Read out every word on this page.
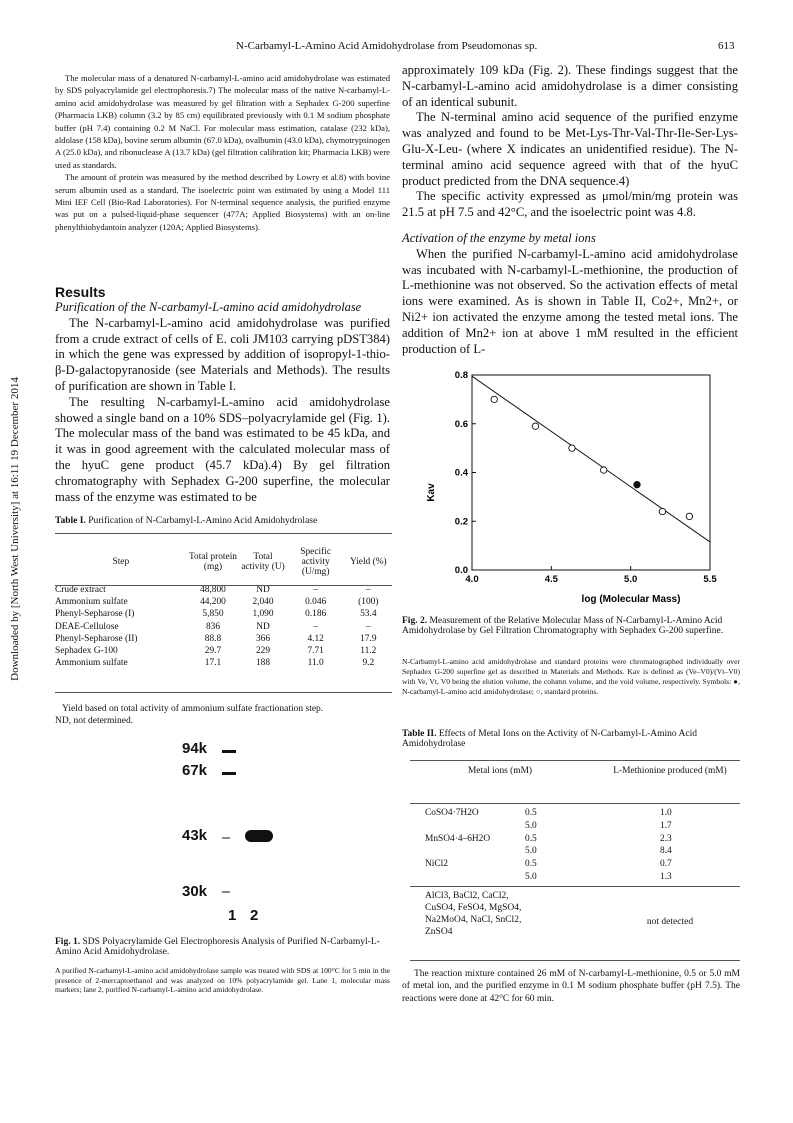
N-Carbamyl-L-Amino Acid Amidohydrolase from Pseudomonas sp.	613
Downloaded by [North West University] at 16:11 19 December 2014

The molecular mass of a denatured N-carbamyl-L-amino acid amidohydrolase was estimated by SDS polyacrylamide gel electrophoresis.7) The molecular mass of the native N-carbamyl-L-amino acid amidohydrolase was measured by gel filtration with a Sephadex G-200 superfine (Pharmacia LKB) column (3.2 by 85 cm) equilibrated previously with 0.1 M sodium phosphate buffer (pH 7.4) containing 0.2 M NaCl. For molecular mass estimation, catalase (232 kDa), aldolase (158 kDa), bovine serum albumin (67.0 kDa), ovalbumin (43.0 kDa), chymotrypsinogen A (25.0 kDa), and ribonuclease A (13.7 kDa) (gel filtration calibration kit; Pharmacia LKB) were used as standards.

The amount of protein was measured by the method described by Lowry et al.8) with bovine serum albumin used as a standard. The isoelectric point was estimated by using a Model 111 Mini IEF Cell (Bio-Rad Laboratories). For N-terminal sequence analysis, the purified enzyme was put on a pulsed-liquid-phase sequencer (477A; Applied Biosystems) with an on-line phenylthiohydantoin analyzer (120A; Applied Biosystems).

Results
Purification of the N-carbamyl-L-amino acid amidohydrolase

The N-carbamyl-L-amino acid amidohydrolase was purified from a crude extract of cells of E. coli JM103 carrying pDST384) in which the gene was expressed by addition of isopropyl-1-thio-β-D-galactopyranoside (see Materials and Methods). The results of purification are shown in Table I.

The resulting N-carbamyl-L-amino acid amidohydrolase showed a single band on a 10% SDS–polyacrylamide gel (Fig. 1). The molecular mass of the band was estimated to be 45 kDa, and it was in good agreement with the calculated molecular mass of the hyuC gene product (45.7 kDa).4) By gel filtration chromatography with Sephadex G-200 superfine, the molecular mass of the enzyme was estimated to be

approximately 109 kDa (Fig. 2). These findings suggest that the N-carbamyl-L-amino acid amidohydrolase is a dimer consisting of an identical subunit.

The N-terminal amino acid sequence of the purified enzyme was analyzed and found to be Met-Lys-Thr-Val-Thr-Ile-Ser-Lys-Glu-X-Leu- (where X indicates an unidentified residue). The N-terminal amino acid sequence agreed with that of the hyuC product predicted from the DNA sequence.4)

The specific activity expressed as μmol/min/mg protein was 21.5 at pH 7.5 and 42°C, and the isoelectric point was 4.8.

Activation of the enzyme by metal ions

When the purified N-carbamyl-L-amino acid amidohydrolase was incubated with N-carbamyl-L-methionine, the production of L-methionine was not observed. So the activation effects of metal ions were examined. As is shown in Table II, Co2+, Mn2+, or Ni2+ ion activated the enzyme among the tested metal ions. The addition of Mn2+ ion at above 1 mM resulted in the efficient production of L-

Table I. Purification of N-Carbamyl-L-Amino Acid Amidohydrolase
Step	Total protein (mg)	Total activity (U)	Specific activity (U/mg)	Yield (%)
Crude extract	48,800	ND	–	–
Ammonium sulfate	44,200	2,040	0.046	(100)
Phenyl-Sepharose (I)	5,850	1,090	0.186	53.4
DEAE-Cellulose	836	ND	–	–
Phenyl-Sepharose (II)	88.8	366	4.12	17.9
Sephadex G-100	29.7	229	7.71	11.2
Ammonium sulfate	17.1	188	11.0	9.2
Yield based on total activity of ammonium sulfate fractionation step.
ND, not determined.
94k
67k
43k
30k
1 2
Fig. 1. SDS Polyacrylamide Gel Electrophoresis Analysis of Purified N-Carbamyl-L-Amino Acid Amidohydrolase.
A purified N-carbamyl-L-amino acid amidohydrolase sample was treated with SDS at 100°C for 5 min in the presence of 2-mercaptoethanol and was analyzed on 10% polyacrylamide gel. Lane 1, molecular mass markers; lane 2, purified N-carbamyl-L-amino acid amidohydrolase.
4.0	4.5	5.0	5.5
0.0
0.2
0.4
0.6
0.8
log (Molecular Mass)
Kav
Fig. 2. Measurement of the Relative Molecular Mass of N-Carbamyl-L-Amino Acid Amidohydrolase by Gel Filtration Chromatography with Sephadex G-200 superfine.
N-Carbamyl-L-amino acid amidohydrolase and standard proteins were chromatographed individually over Sephadex G-200 superfine gel as described in Materials and Methods. Kav is defined as (Ve–V0)/(Vt–V0) with Ve, Vt, V0 being the elution volume, the column volume, and the void volume, respectively. Symbols: ●, N-carbamyl-L-amino acid amidohydrolase; ○, standard proteins.
Table II. Effects of Metal Ions on the Activity of N-Carbamyl-L-Amino Acid Amidohydrolase
Metal ions (mM)	L-Methionine produced (mM)
CoSO4·7H2O	0.5	1.0
5.0	1.7
MnSO4·4–6H2O	0.5	2.3
5.0	8.4
NiCl2	0.5	0.7
5.0	1.3
AlCl3, BaCl2, CaCl2,
CuSO4, FeSO4, MgSO4,
Na2MoO4, NaCl, SnCl2,
ZnSO4
not detected
The reaction mixture contained 26 mM of N-carbamyl-L-methionine, 0.5 or 5.0 mM of metal ion, and the purified enzyme in 0.1 M sodium phosphate buffer (pH 7.5). The reactions were done at 42°C for 60 min.
